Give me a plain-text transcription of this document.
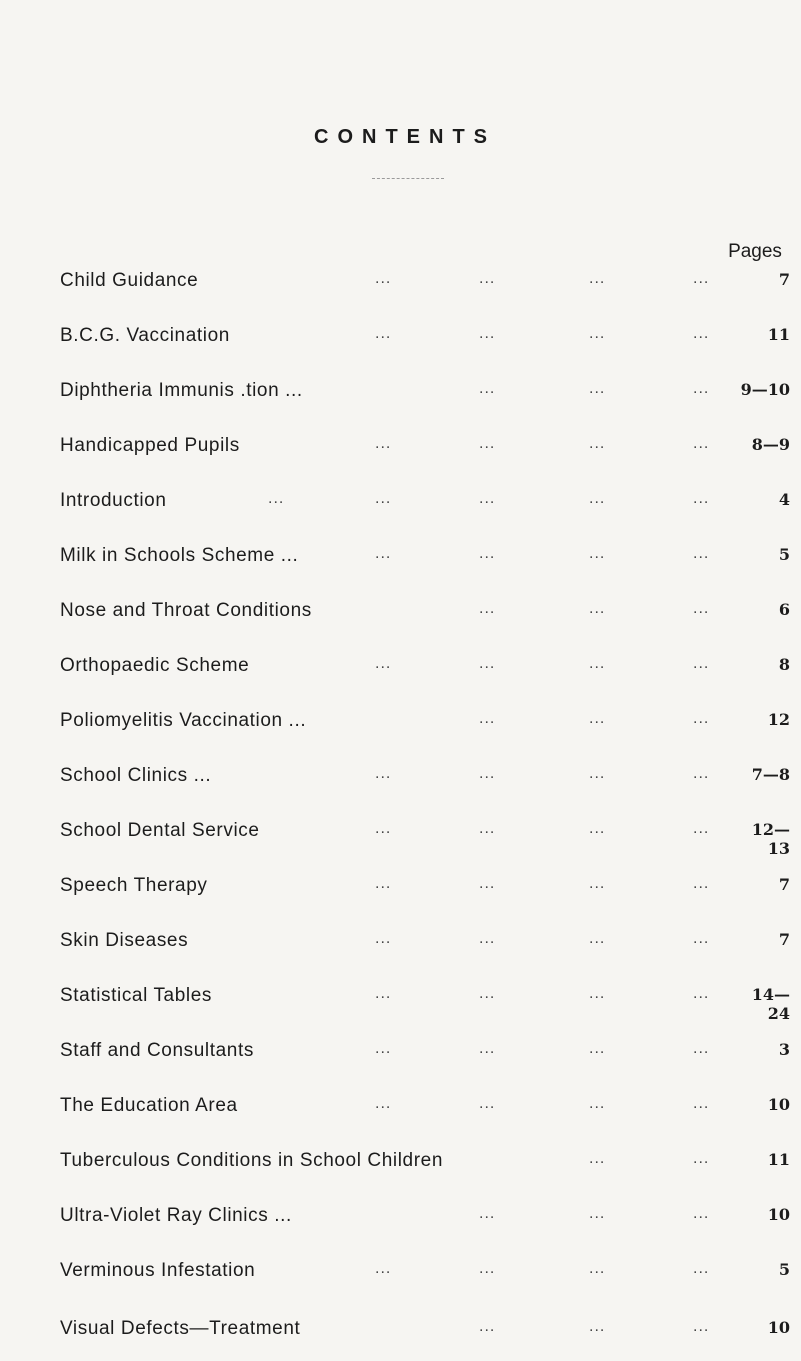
CONTENTS
Pages
Child Guidance	...	...	...	...	7
B.C.G. Vaccination	...	...	...	...	11
Diphtheria Immunis .tion ...	...	...	...	9—10
Handicapped Pupils	...	...	...	...	8—9
Introduction	...	...	...	...	...	4
Milk in Schools Scheme ...	...	...	...	...	5
Nose and Throat Conditions	...	...	...	6
Orthopaedic Scheme	...	...	...	...	8
Poliomyelitis Vaccination ...	...	...	...	12
School Clinics ...	...	...	...	...	7—8
School Dental Service	...	...	...	...	12—13
Speech Therapy	...	...	...	...	7
Skin Diseases	...	...	...	...	7
Statistical Tables	...	...	...	...	14—24
Staff and Consultants	...	...	...	...	3
The Education Area	...	...	...	...	10
Tuberculous Conditions in School Children	...	...	11
Ultra-Violet Ray Clinics ...	...	...	...	10
Verminous Infestation	...	...	...	...	5
Visual Defects—Treatment	...	...	...	10
